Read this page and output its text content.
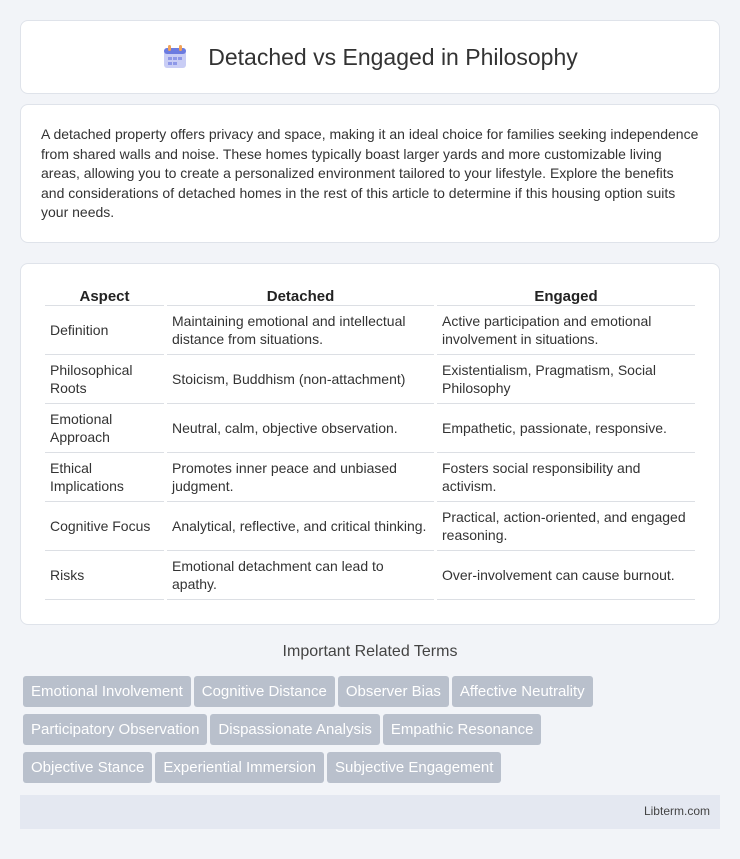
Detached vs Engaged in Philosophy

A detached property offers privacy and space, making it an ideal choice for families seeking independence from shared walls and noise. These homes typically boast larger yards and more customizable living areas, allowing you to create a personalized environment tailored to your lifestyle. Explore the benefits and considerations of detached homes in the rest of this article to determine if this housing option suits your needs.

Aspect	Detached	Engaged
Definition	Maintaining emotional and intellectual distance from situations.	Active participation and emotional involvement in situations.
Philosophical Roots	Stoicism, Buddhism (non-attachment)	Existentialism, Pragmatism, Social Philosophy
Emotional Approach	Neutral, calm, objective observation.	Empathetic, passionate, responsive.
Ethical Implications	Promotes inner peace and unbiased judgment.	Fosters social responsibility and activism.
Cognitive Focus	Analytical, reflective, and critical thinking.	Practical, action-oriented, and engaged reasoning.
Risks	Emotional detachment can lead to apathy.	Over-involvement can cause burnout.
Important Related Terms
Emotional Involvement Cognitive Distance Observer Bias Affective Neutrality
Participatory Observation Dispassionate Analysis Empathic Resonance
Objective Stance Experiential Immersion Subjective Engagement
Libterm.com
